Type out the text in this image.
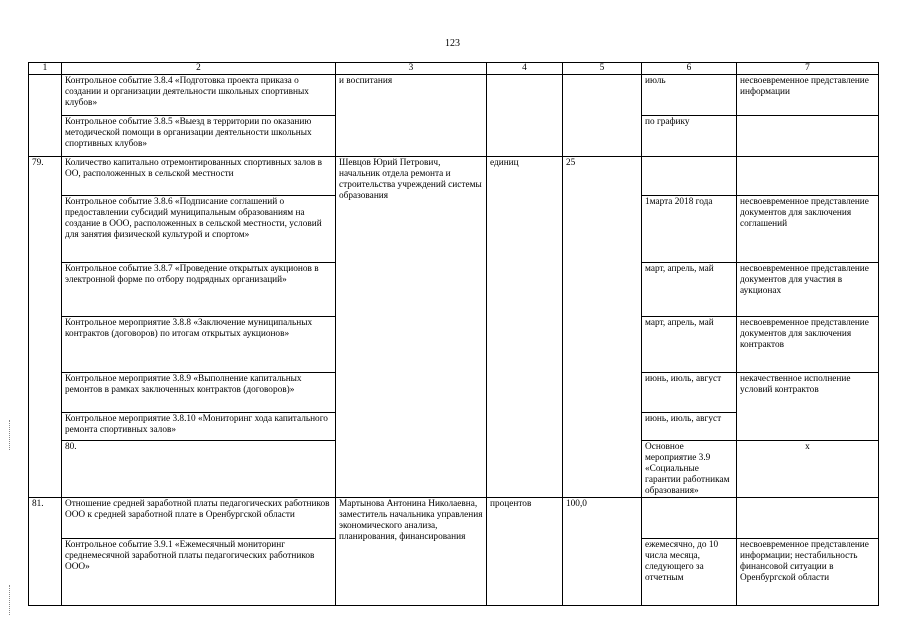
123
1	2	3	4	5	6	7	
	Контрольное событие 3.8.4 «Подготовка проекта приказа о создании и организации деятельности школьных спортивных клубов»	и воспитания			июль	несвоевременное представление информации	
	Контрольное событие 3.8.5 «Выезд в территории по оказанию методической помощи в организации деятельности школьных спортивных клубов»				по графику		
79.	Количество капитально отремонтированных спортивных залов в ОО, расположенных в сельской местности	Шевцов Юрий Петрович, начальник отдела ремонта и строительства учреждений системы образования	единиц	25			
	Контрольное событие 3.8.6 «Подписание соглашений о предоставлении субсидий муниципальным образованиям на создание в ООО, расположенных в сельской местности, условий для занятия физической культурой и спортом»				1марта 2018 года	несвоевременное представление документов для заключения соглашений	
	Контрольное событие 3.8.7 «Проведение открытых аукционов в электронной форме по отбору подрядных организаций»				март, апрель, май	несвоевременное представление документов для участия в аукционах	
	Контрольное мероприятие 3.8.8 «Заключение муниципальных контрактов (договоров) по итогам открытых аукционов»				март, апрель, май	несвоевременное представление документов для заключения контрактов	
	Контрольное мероприятие 3.8.9 «Выполнение капитальных ремонтов в рамках заключенных контрактов (договоров)»				июнь, июль, август	некачественное исполнение условий контрактов	
	Контрольное мероприятие 3.8.10 «Мониторинг хода капитального ремонта спортивных залов»				июнь, июль, август		
	80.				Основное мероприятие 3.9 «Социальные гарантии работникам образования»	x				
81.	Отношение средней заработной платы педагогических работников ООО к средней заработной плате в Оренбургской области	Мартынова Антонина Николаевна, заместитель начальника управления экономического анализа, планирования, финансирования	процентов	100,0			
	Контрольное событие 3.9.1 «Ежемесячный мониторинг среднемесячной заработной платы педагогических работников ООО»				ежемесячно, до 10 числа месяца, следующего за отчетным	несвоевременное представление информации; нестабильность финансовой ситуации в Оренбургской области	
